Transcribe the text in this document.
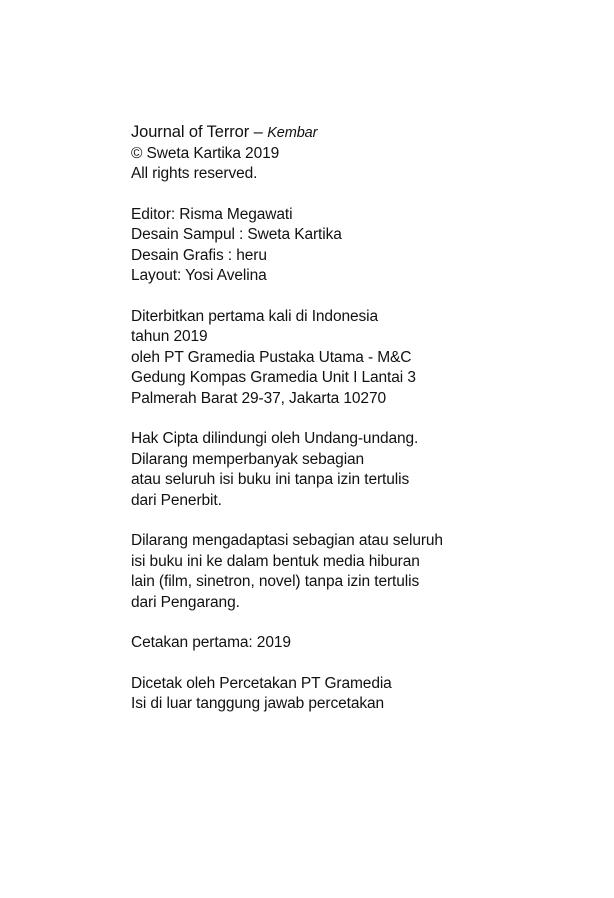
Journal of Terror – Kembar
© Sweta Kartika 2019
All rights reserved.
Editor: Risma Megawati
Desain Sampul : Sweta Kartika
Desain Grafis : heru
Layout: Yosi Avelina
Diterbitkan pertama kali di Indonesia
tahun 2019
oleh PT Gramedia Pustaka Utama - M&C
Gedung Kompas Gramedia Unit I Lantai 3
Palmerah Barat 29-37, Jakarta 10270
Hak Cipta dilindungi oleh Undang-undang.
Dilarang memperbanyak sebagian
atau seluruh isi buku ini tanpa izin tertulis
dari Penerbit.
Dilarang mengadaptasi sebagian atau seluruh
isi buku ini ke dalam bentuk media hiburan
lain (film, sinetron, novel) tanpa izin tertulis
dari Pengarang.
Cetakan pertama: 2019
Dicetak oleh Percetakan PT Gramedia
Isi di luar tanggung jawab percetakan
